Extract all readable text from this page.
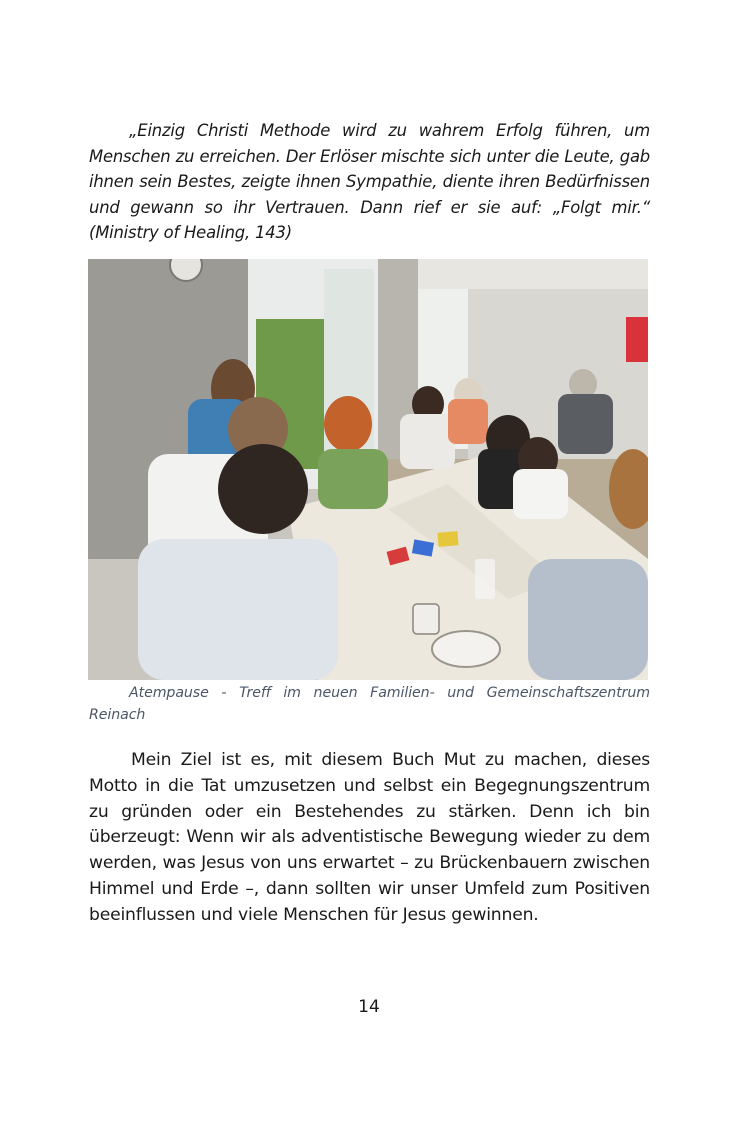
„Einzig Christi Methode wird zu wahrem Erfolg führen, um Menschen zu erreichen. Der Erlöser mischte sich unter die Leute, gab ihnen sein Bestes, zeigte ihnen Sympathie, diente ihren Bedürfnissen und gewann so ihr Vertrauen. Dann rief er sie auf: „Folgt mir.“ (Ministry of Healing, 143)

Atempause - Treff im neuen Familien- und Gemeinschaftszentrum Reinach

Mein Ziel ist es, mit diesem Buch Mut zu machen, dieses Motto in die Tat umzusetzen und selbst ein Begegnungszentrum zu gründen oder ein Bestehendes zu stärken. Denn ich bin überzeugt: Wenn wir als adventistische Bewegung wieder zu dem werden, was Jesus von uns erwartet – zu Brückenbauern zwischen Himmel und Erde –, dann sollten wir unser Umfeld zum Positiven beeinflussen und viele Menschen für Jesus gewinnen.

14
